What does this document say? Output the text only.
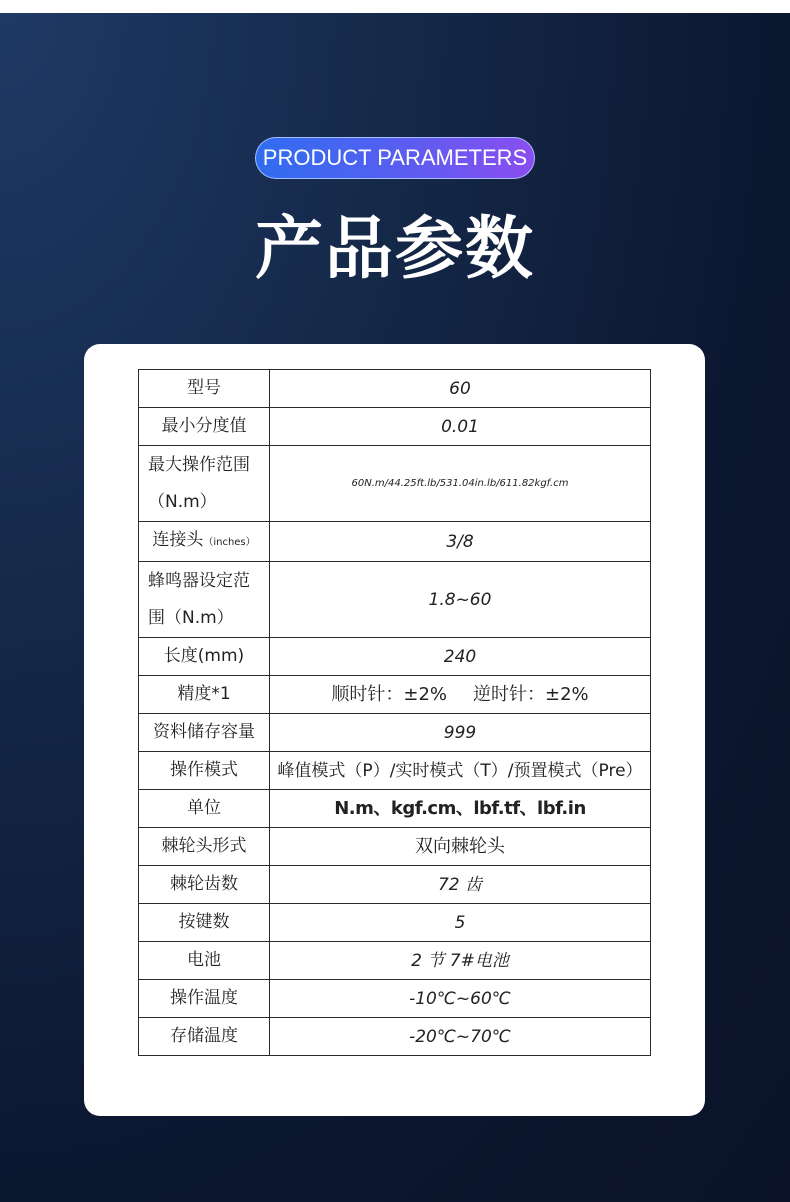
PRODUCT PARAMETERS
产品参数
型号	60
最小分度值	0.01
最大操作范围（N.m）	60N.m/44.25ft.lb/531.04in.lb/611.82kgf.cm
连接头（inches）	3/8
蜂鸣器设定范围（N.m）	1.8~60
长度(mm)	240
精度*1	顺时针：±2% 逆时针：±2%
资料储存容量	999
操作模式	峰值模式（P）/实时模式（T）/预置模式（Pre）
单位	N.m、kgf.cm、lbf.tf、lbf.in
棘轮头形式	双向棘轮头
棘轮齿数	72 齿
按键数	5
电池	2 节 7#电池
操作温度	-10℃~60℃
存储温度	-20℃~70℃
